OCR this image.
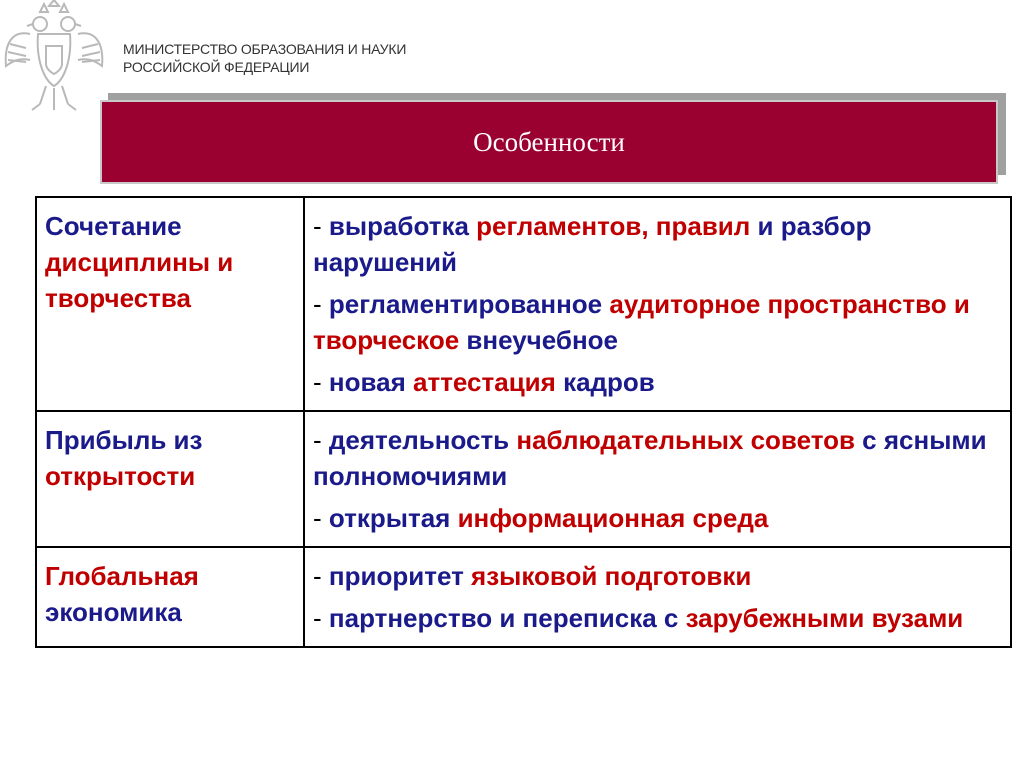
МИНИСТЕРСТВО ОБРАЗОВАНИЯ И НАУКИ
РОССИЙСКОЙ ФЕДЕРАЦИИ
Особенности
Сочетание дисциплины и творчества	- выработка регламентов, правил и разбор нарушений
- регламентированное аудиторное пространство и творческое внеучебное
- новая аттестация кадров

Прибыль из открытости	- деятельность наблюдательных советов с ясными полномочиями
- открытая информационная среда

Глобальная экономика	- приоритет языковой подготовки
- партнерство и переписка с зарубежными вузами
